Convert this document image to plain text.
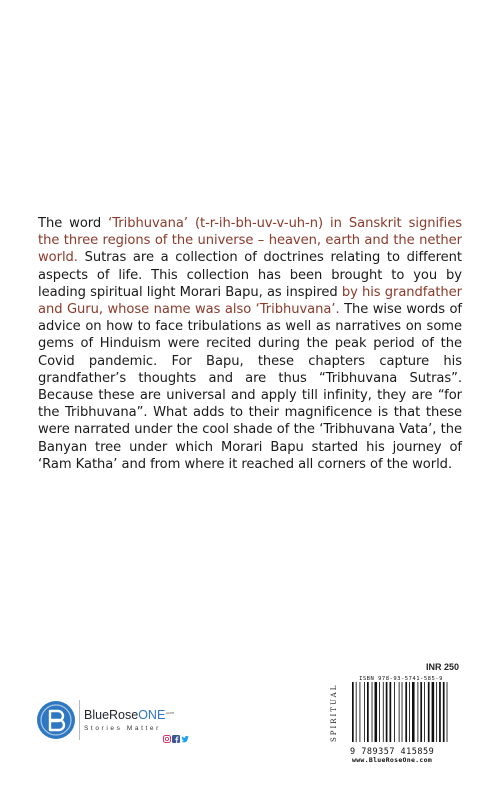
The word ‘Tribhuvana’ (t-r-ih-bh-uv-v-uh-n) in Sanskrit signifies the three regions of the universe – heaven, earth and the nether world. Sutras are a collection of doctrines relating to different aspects of life. This collection has been brought to you by leading spiritual light Morari Bapu, as inspired by his grandfather and Guru, whose name was also ‘Tribhuvana’. The wise words of advice on how to face tribulations as well as narratives on some gems of Hinduism were recited during the peak period of the Covid pandemic. For Bapu, these chapters capture his grandfather’s thoughts and are thus “Tribhuvana Sutras”. Because these are universal and apply till infinity, they are “for the Tribhuvana”. What adds to their magnificence is that these were narrated under the cool shade of the ‘Tribhuvana Vata’, the Banyan tree under which Morari Bapu started his journey of ‘Ram Katha’ and from where it reached all corners of the world.
INR 250
SPIRITUAL
ISBN 978-93-5741-585-9
9 789357 415859
www.BlueRoseOne.com
BlueRoseONE$^{.com}$
Stories Matter
